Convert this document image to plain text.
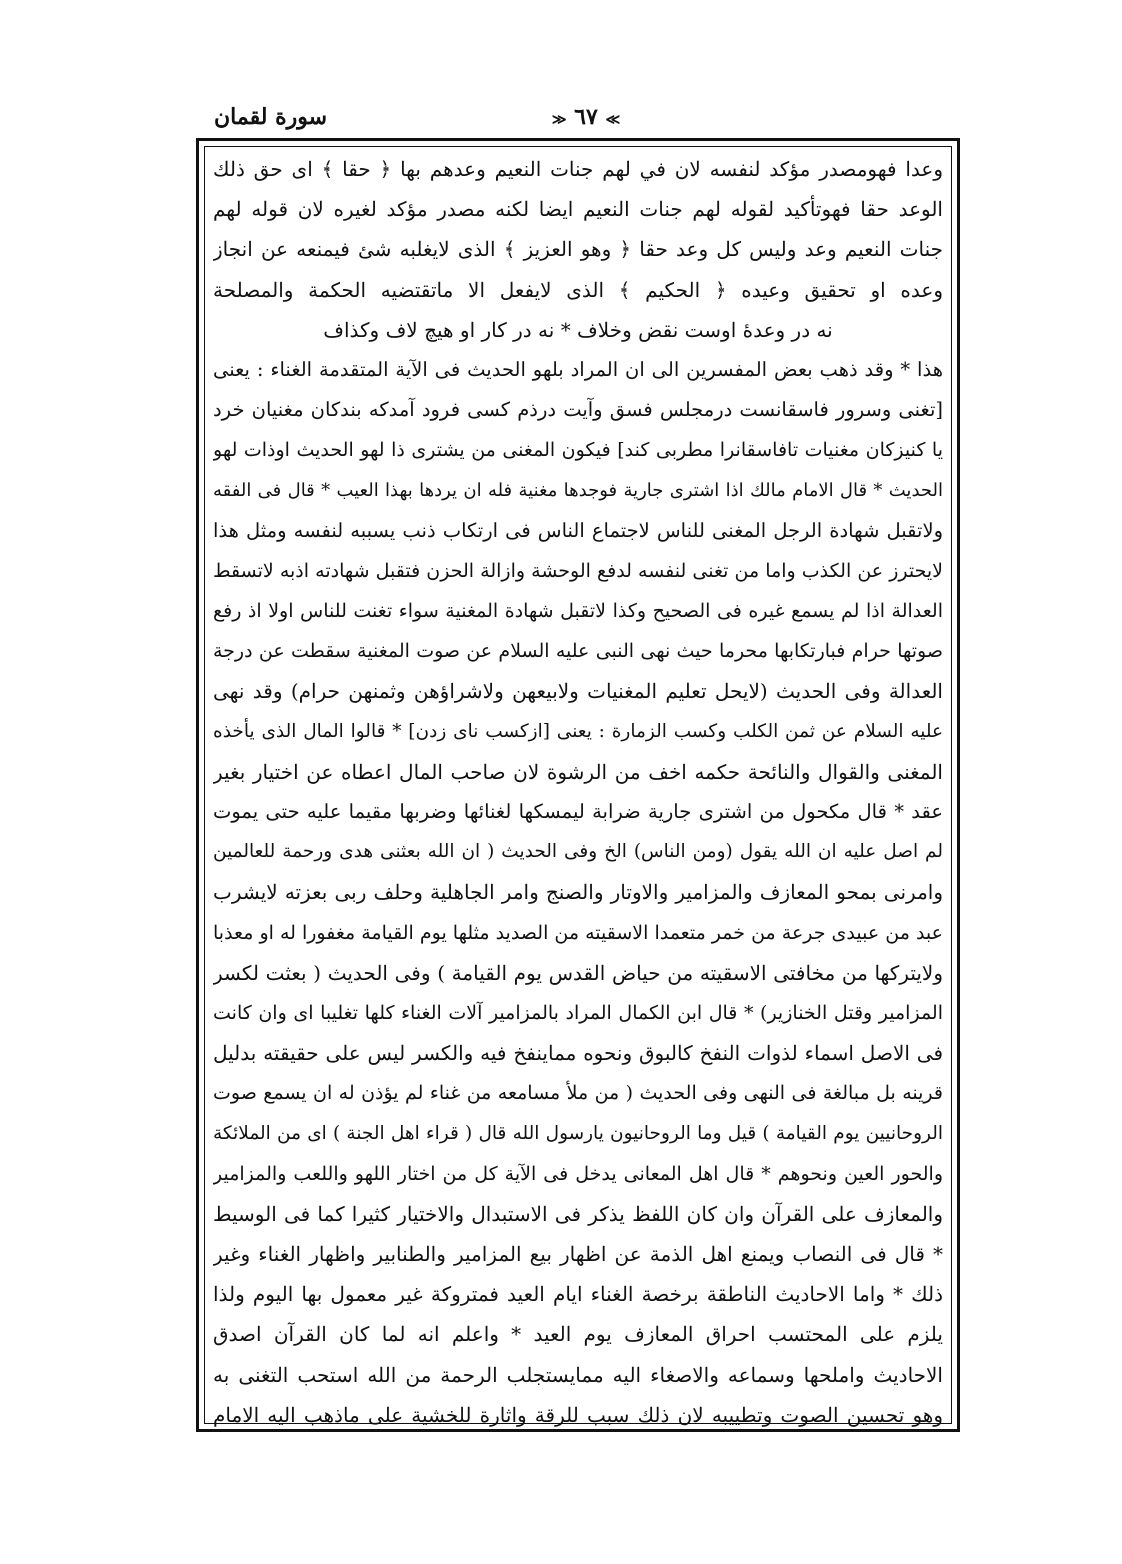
سورة لقمان	≫ ٦٧ ≪
وعدا فهومصدر مؤكد لنفسه لان في لهم جنات النعيم وعدهم بها ﴿ حقا ﴾ اى حق ذلك
الوعد حقا فهوتأكيد لقوله لهم جنات النعيم ايضا لكنه مصدر مؤكد لغيره لان قوله لهم
جنات النعيم وعد وليس كل وعد حقا ﴿ وهو العزيز ﴾ الذى لايغلبه شئ فيمنعه عن انجاز
وعده او تحقيق وعيده ﴿ الحكيم ﴾ الذى لايفعل الا ماتقتضيه الحكمة والمصلحة
نه در وعدهٔ اوست نقض وخلاف * نه در كار او هيچ لاف وكذاف
هذا * وقد ذهب بعض المفسرين الى ان المراد بلهو الحديث فى الآية المتقدمة الغناء : يعنى
[تغنى وسرور فاسقانست درمجلس فسق وآيت درذم كسى فرود آمدكه بندكان مغنيان خرد
يا كنيزكان مغنيات تافاسقانرا مطربى كند] فيكون المغنى من يشترى ذا لهو الحديث اوذات لهو
الحديث * قال الامام مالك اذا اشترى جارية فوجدها مغنية فله ان يردها بهذا العيب * قال فى الفقه
ولاتقبل شهادة الرجل المغنى للناس لاجتماع الناس فى ارتكاب ذنب يسببه لنفسه ومثل هذا
لايحترز عن الكذب واما من تغنى لنفسه لدفع الوحشة وازالة الحزن فتقبل شهادته اذبه لاتسقط
العدالة اذا لم يسمع غيره فى الصحيح وكذا لاتقبل شهادة المغنية سواء تغنت للناس اولا اذ رفع
صوتها حرام فبارتكابها محرما حيث نهى النبى عليه السلام عن صوت المغنية سقطت عن درجة
العدالة وفى الحديث (لايحل تعليم المغنيات ولابيعهن ولاشراؤهن وثمنهن حرام) وقد نهى
عليه السلام عن ثمن الكلب وكسب الزمارة : يعنى [ازكسب ناى زدن] * قالوا المال الذى يأخذه
المغنى والقوال والنائحة حكمه اخف من الرشوة لان صاحب المال اعطاه عن اختيار بغير
عقد * قال مكحول من اشترى جارية ضرابة ليمسكها لغنائها وضربها مقيما عليه حتى يموت
لم اصل عليه ان الله يقول (ومن الناس) الخ وفى الحديث ( ان الله بعثنى هدى ورحمة للعالمين
وامرنى بمحو المعازف والمزامير والاوتار والصنج وامر الجاهلية وحلف ربى بعزته لايشرب
عبد من عبيدى جرعة من خمر متعمدا الاسقيته من الصديد مثلها يوم القيامة مغفورا له او معذبا
ولايتركها من مخافتى الاسقيته من حياض القدس يوم القيامة ) وفى الحديث ( بعثت لكسر
المزامير وقتل الخنازير) * قال ابن الكمال المراد بالمزامير آلات الغناء كلها تغليبا اى وان كانت
فى الاصل اسماء لذوات النفخ كالبوق ونحوه مماينفخ فيه والكسر ليس على حقيقته بدليل
قرينه بل مبالغة فى النهى وفى الحديث ( من ملأ مسامعه من غناء لم يؤذن له ان يسمع صوت
الروحانيين يوم القيامة ) قيل وما الروحانيون يارسول الله قال ( قراء اهل الجنة ) اى من الملائكة
والحور العين ونحوهم * قال اهل المعانى يدخل فى الآية كل من اختار اللهو واللعب والمزامير
والمعازف على القرآن وان كان اللفظ يذكر فى الاستبدال والاختيار كثيرا كما فى الوسيط
* قال فى النصاب ويمنع اهل الذمة عن اظهار بيع المزامير والطنابير واظهار الغناء وغير
ذلك * واما الاحاديث الناطقة برخصة الغناء ايام العيد فمتروكة غير معمول بها اليوم ولذا
يلزم على المحتسب احراق المعازف يوم العيد * واعلم انه لما كان القرآن اصدق
الاحاديث واملحها وسماعه والاصغاء اليه ممايستجلب الرحمة من الله استحب التغنى به
وهو تحسين الصوت وتطييبه لان ذلك سبب للرقة واثارة للخشية على ماذهب اليه الامام
